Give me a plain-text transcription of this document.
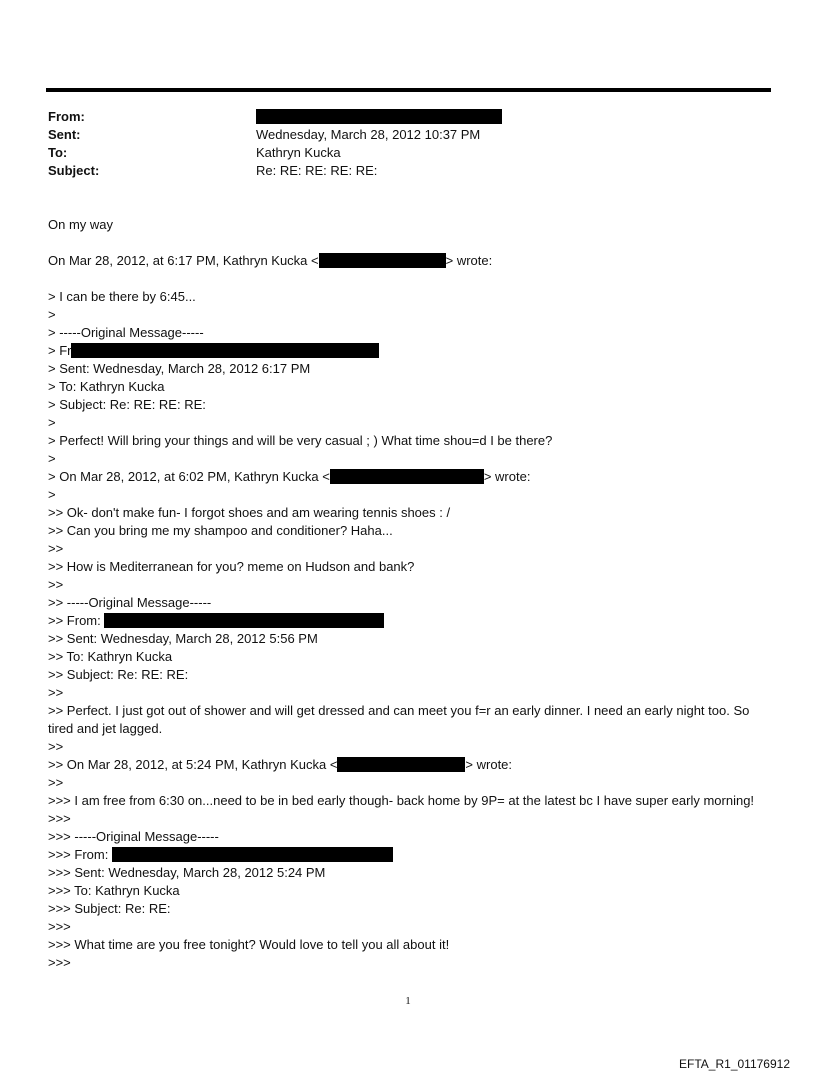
From:
Sent:	Wednesday, March 28, 2012 10:37 PM
To:	Kathryn Kucka
Subject:	Re: RE: RE: RE: RE:
On my way
On Mar 28, 2012, at 6:17 PM, Kathryn Kucka <	> wrote:
> I can be there by 6:45...
>
> -----Original Message-----
> Fr
> Sent: Wednesday, March 28, 2012 6:17 PM
> To: Kathryn Kucka
> Subject: Re: RE: RE: RE:
>
> Perfect! Will bring your things and will be very casual ; ) What time shou=d I be there?
>
> On Mar 28, 2012, at 6:02 PM, Kathryn Kucka <	> wrote:
>
>> Ok- don't make fun- I forgot shoes and am wearing tennis shoes : /
>> Can you bring me my shampoo and conditioner? Haha...
>>
>> How is Mediterranean for you? meme on Hudson and bank?
>>
>> -----Original Message-----
>> From:
>> Sent: Wednesday, March 28, 2012 5:56 PM
>> To: Kathryn Kucka
>> Subject: Re: RE: RE:
>>
>> Perfect. I just got out of shower and will get dressed and can meet you f=r an early dinner. I need an early night too. So tired and jet lagged.
>>
>> On Mar 28, 2012, at 5:24 PM, Kathryn Kucka <	> wrote:
>>
>>> I am free from 6:30 on...need to be in bed early though- back home by 9P= at the latest bc I have super early morning!
>>>
>>> -----Original Message-----
>>> From:
>>> Sent: Wednesday, March 28, 2012 5:24 PM
>>> To: Kathryn Kucka
>>> Subject: Re: RE:
>>>
>>> What time are you free tonight? Would love to tell you all about it!
>>>
1
EFTA_R1_01176912
